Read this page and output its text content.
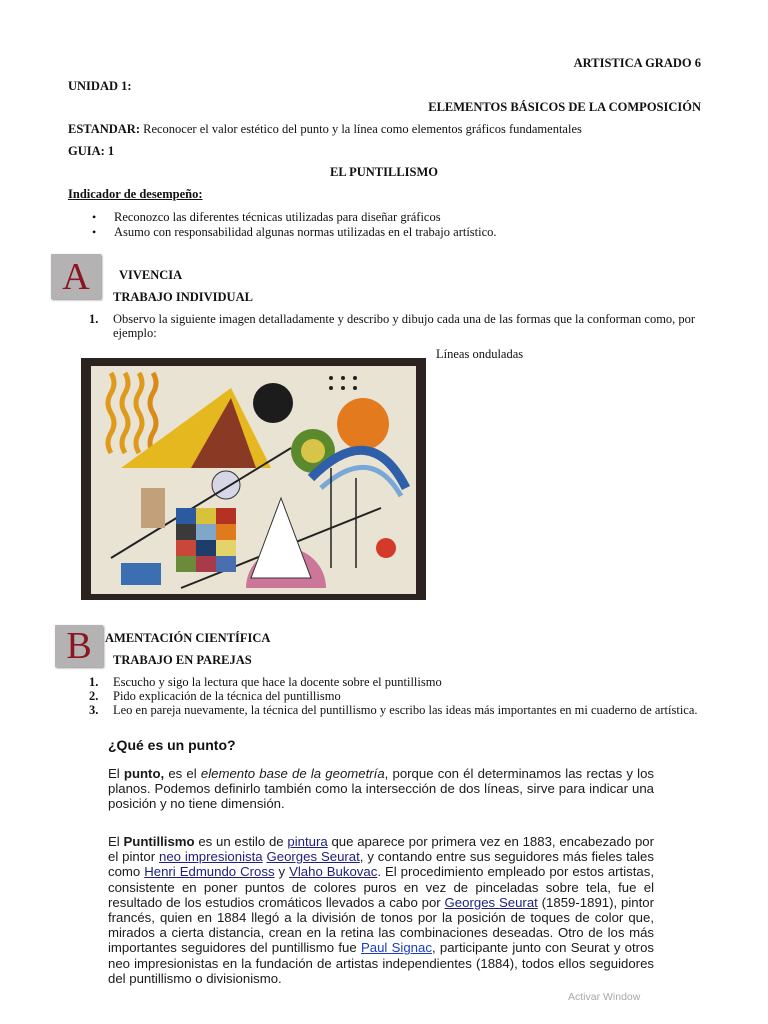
ARTISTICA GRADO 6
UNIDAD 1:
ELEMENTOS BÁSICOS DE LA COMPOSICIÓN
ESTANDAR: Reconocer el valor estético del punto y la línea como elementos gráficos fundamentales
GUIA: 1
EL PUNTILLISMO
Indicador de desempeño:
• Reconozco las diferentes técnicas utilizadas para diseñar gráficos
• Asumo con responsabilidad algunas normas utilizadas en el trabajo artístico.
A VIVENCIA
TRABAJO INDIVIDUAL
1. Observo la siguiente imagen detalladamente y describo y dibujo cada una de las formas que la conforman como, por ejemplo:
Líneas onduladas
B AMENTACIÓN CIENTÍFICA
TRABAJO EN PAREJAS
1. Escucho y sigo la lectura que hace la docente sobre el puntillismo
2. Pido explicación de la técnica del puntillismo
3. Leo en pareja nuevamente, la técnica del puntillismo y escribo las ideas más importantes en mi cuaderno de artística.
¿Qué es un punto?
El punto, es el elemento base de la geometría, porque con él determinamos las rectas y los planos. Podemos definirlo también como la intersección de dos líneas, sirve para indicar una posición y no tiene dimensión.
El Puntillismo es un estilo de pintura que aparece por primera vez en 1883, encabezado por el pintor neo impresionista Georges Seurat, y contando entre sus seguidores más fieles tales como Henri Edmundo Cross y Vlaho Bukovac. El procedimiento empleado por estos artistas, consistente en poner puntos de colores puros en vez de pinceladas sobre tela, fue el resultado de los estudios cromáticos llevados a cabo por Georges Seurat (1859-1891), pintor francés, quien en 1884 llegó a la división de tonos por la posición de toques de color que, mirados a cierta distancia, crean en la retina las combinaciones deseadas. Otro de los más importantes seguidores del puntillismo fue Paul Signac, participante junto con Seurat y otros neo impresionistas en la fundación de artistas independientes (1884), todos ellos seguidores del puntillismo o divisionismo.
Activar Window
